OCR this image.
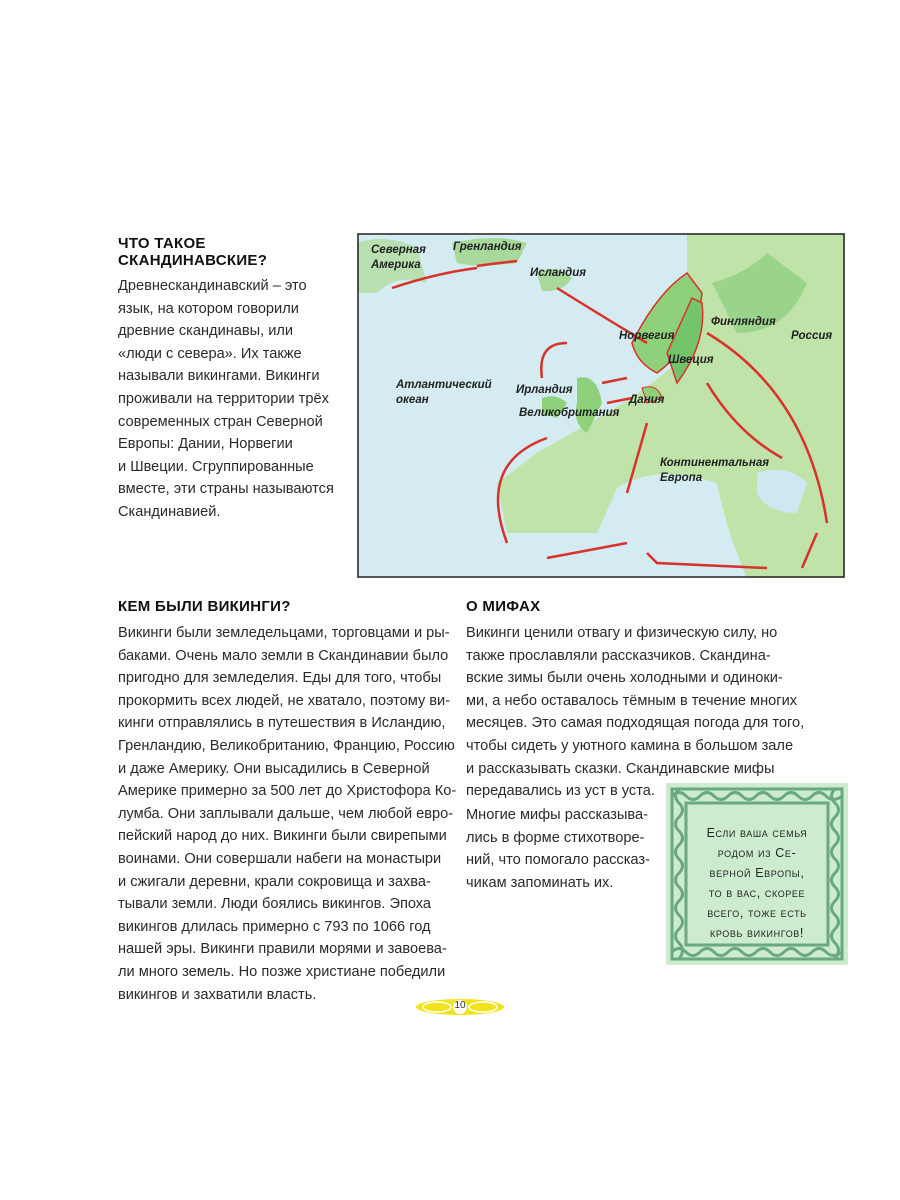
ЧТО ТАКОЕ
СКАНДИНАВСКИЕ?
Древнескандинавский – это
язык, на котором говорили
древние скандинавы, или
«люди с севера». Их также
называли викингами. Викинги
проживали на территории трёх
современных стран Северной
Европы: Дании, Норвегии
и Швеции. Сгруппированные
вместе, эти страны называются
Скандинавией.
Северная Америка
Гренландия
Исландия
Норвегия
Финляндия
Россия
Швеция
Атлантический океан
Ирландия
Дания
Великобритания
Континентальная Европа
КЕМ БЫЛИ ВИКИНГИ?
Викинги были земледельцами, торговцами и ры-
баками. Очень мало земли в Скандинавии было
пригодно для земледелия. Еды для того, чтобы
прокормить всех людей, не хватало, поэтому ви-
кинги отправлялись в путешествия в Исландию,
Гренландию, Великобританию, Францию, Россию
и даже Америку. Они высадились в Северной
Америке примерно за 500 лет до Христофора Ко-
лумба. Они заплывали дальше, чем любой евро-
пейский народ до них. Викинги были свирепыми
воинами. Они совершали набеги на монастыри
и сжигали деревни, крали сокровища и захва-
тывали земли. Люди боялись викингов. Эпоха
викингов длилась примерно с 793 по 1066 год
нашей эры. Викинги правили морями и завоева-
ли много земель. Но позже христиане победили
викингов и захватили власть.
О МИФАХ
Викинги ценили отвагу и физическую силу, но
также прославляли рассказчиков. Скандина-
вские зимы были очень холодными и одиноки-
ми, а небо оставалось тёмным в течение многих
месяцев. Это самая подходящая погода для того,
чтобы сидеть у уютного камина в большом зале
и рассказывать сказки. Скандинавские мифы
передавались из уст в уста.
Многие мифы рассказыва-
лись в форме стихотворе-
ний, что помогало рассказ-
чикам запоминать их.
Если ваша семья
родом из Се-
верной Европы,
то в вас, скорее
всего, тоже есть
кровь викингов!
10
